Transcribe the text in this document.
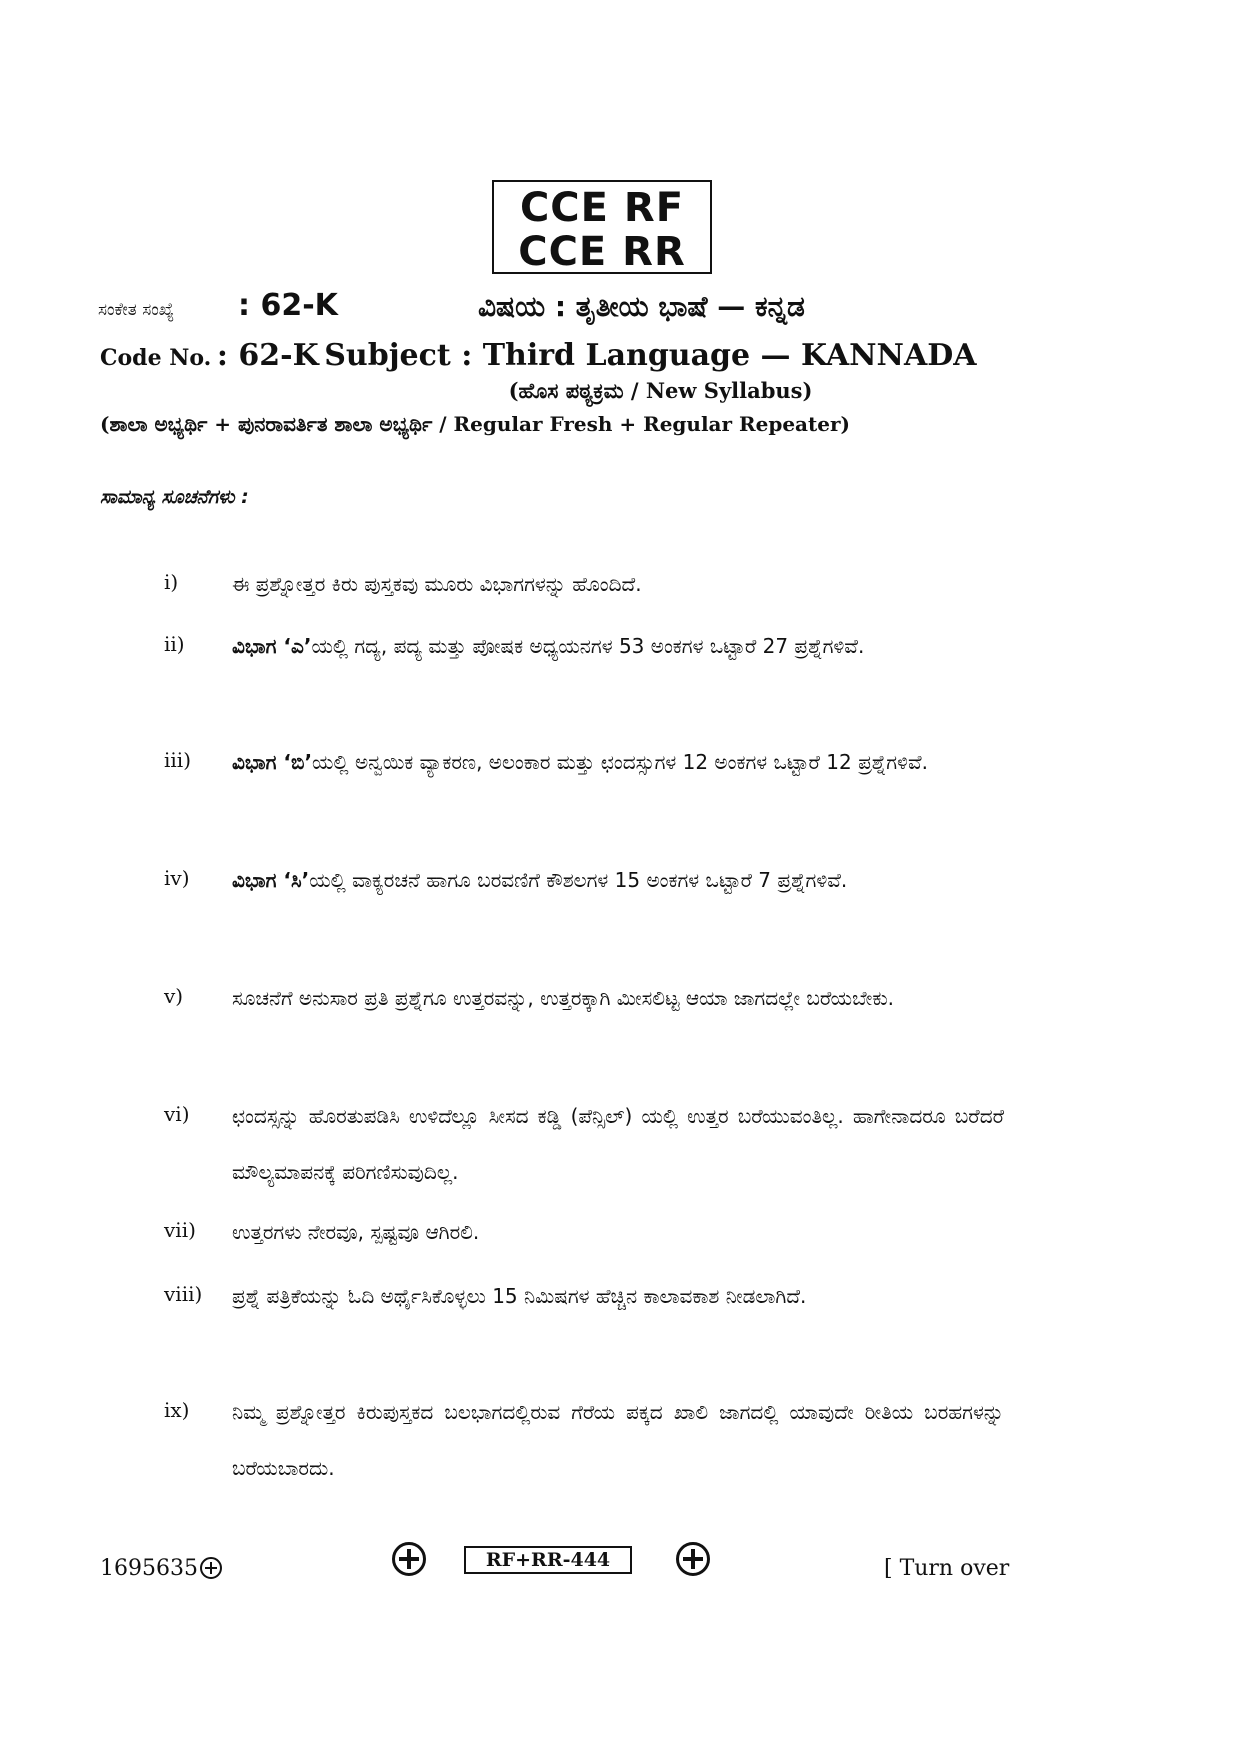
CCE RF
CCE RR
ಸಂಕೇತ ಸಂಖ್ಯೆ : 62-K	ವಿಷಯ : ತೃತೀಯ ಭಾಷೆ — ಕನ್ನಡ
Code No. : 62-K Subject : Third Language — KANNADA
(ಹೊಸ ಪಠ್ಯಕ್ರಮ / New Syllabus)
(ಶಾಲಾ ಅಭ್ಯರ್ಥಿ + ಪುನರಾವರ್ತಿತ ಶಾಲಾ ಅಭ್ಯರ್ಥಿ / Regular Fresh + Regular Repeater)
ಸಾಮಾನ್ಯ ಸೂಚನೆಗಳು :
i)	ಈ ಪ್ರಶ್ನೋತ್ತರ ಕಿರು ಪುಸ್ತಕವು ಮೂರು ವಿಭಾಗಗಳನ್ನು ಹೊಂದಿದೆ.
ii) ವಿಭಾಗ ‘ಎ’ಯಲ್ಲಿ ಗದ್ಯ, ಪದ್ಯ ಮತ್ತು ಪೋಷಕ ಅಧ್ಯಯನಗಳ 53 ಅಂಕಗಳ ಒಟ್ಟಾರೆ 27 ಪ್ರಶ್ನೆಗಳಿವೆ.
iii) ವಿಭಾಗ ‘ಬಿ’ಯಲ್ಲಿ ಅನ್ವಯಿಕ ವ್ಯಾಕರಣ, ಅಲಂಕಾರ ಮತ್ತು ಛಂದಸ್ಸುಗಳ 12 ಅಂಕಗಳ ಒಟ್ಟಾರೆ 12 ಪ್ರಶ್ನೆಗಳಿವೆ.
iv) ವಿಭಾಗ ‘ಸಿ’ಯಲ್ಲಿ ವಾಕ್ಯರಚನೆ ಹಾಗೂ ಬರವಣಿಗೆ ಕೌಶಲಗಳ 15 ಅಂಕಗಳ ಒಟ್ಟಾರೆ 7 ಪ್ರಶ್ನೆಗಳಿವೆ.
v) ಸೂಚನೆಗೆ ಅನುಸಾರ ಪ್ರತಿ ಪ್ರಶ್ನೆಗೂ ಉತ್ತರವನ್ನು, ಉತ್ತರಕ್ಕಾಗಿ ಮೀಸಲಿಟ್ಟ ಆಯಾ ಜಾಗದಲ್ಲೇ ಬರೆಯಬೇಕು.
vi) ಛಂದಸ್ಸನ್ನು ಹೊರತುಪಡಿಸಿ ಉಳಿದೆಲ್ಲೂ ಸೀಸದ ಕಡ್ಡಿ (ಪೆನ್ಸಿಲ್) ಯಲ್ಲಿ ಉತ್ತರ ಬರೆಯುವಂತಿಲ್ಲ. ಹಾಗೇನಾದರೂ ಬರೆದರೆ ಮೌಲ್ಯಮಾಪನಕ್ಕೆ ಪರಿಗಣಿಸುವುದಿಲ್ಲ.
vii) ಉತ್ತರಗಳು ನೇರವೂ, ಸ್ಪಷ್ಟವೂ ಆಗಿರಲಿ.
viii) ಪ್ರಶ್ನೆ ಪತ್ರಿಕೆಯನ್ನು ಓದಿ ಅರ್ಥೈಸಿಕೊಳ್ಳಲು 15 ನಿಮಿಷಗಳ ಹೆಚ್ಚಿನ ಕಾಲಾವಕಾಶ ನೀಡಲಾಗಿದೆ.
ix) ನಿಮ್ಮ ಪ್ರಶ್ನೋತ್ತರ ಕಿರುಪುಸ್ತಕದ ಬಲಭಾಗದಲ್ಲಿರುವ ಗೆರೆಯ ಪಕ್ಕದ ಖಾಲಿ ಜಾಗದಲ್ಲಿ ಯಾವುದೇ ರೀತಿಯ ಬರಹಗಳನ್ನು ಬರೆಯಬಾರದು.
1695635	RF+RR-444	[ Turn over
